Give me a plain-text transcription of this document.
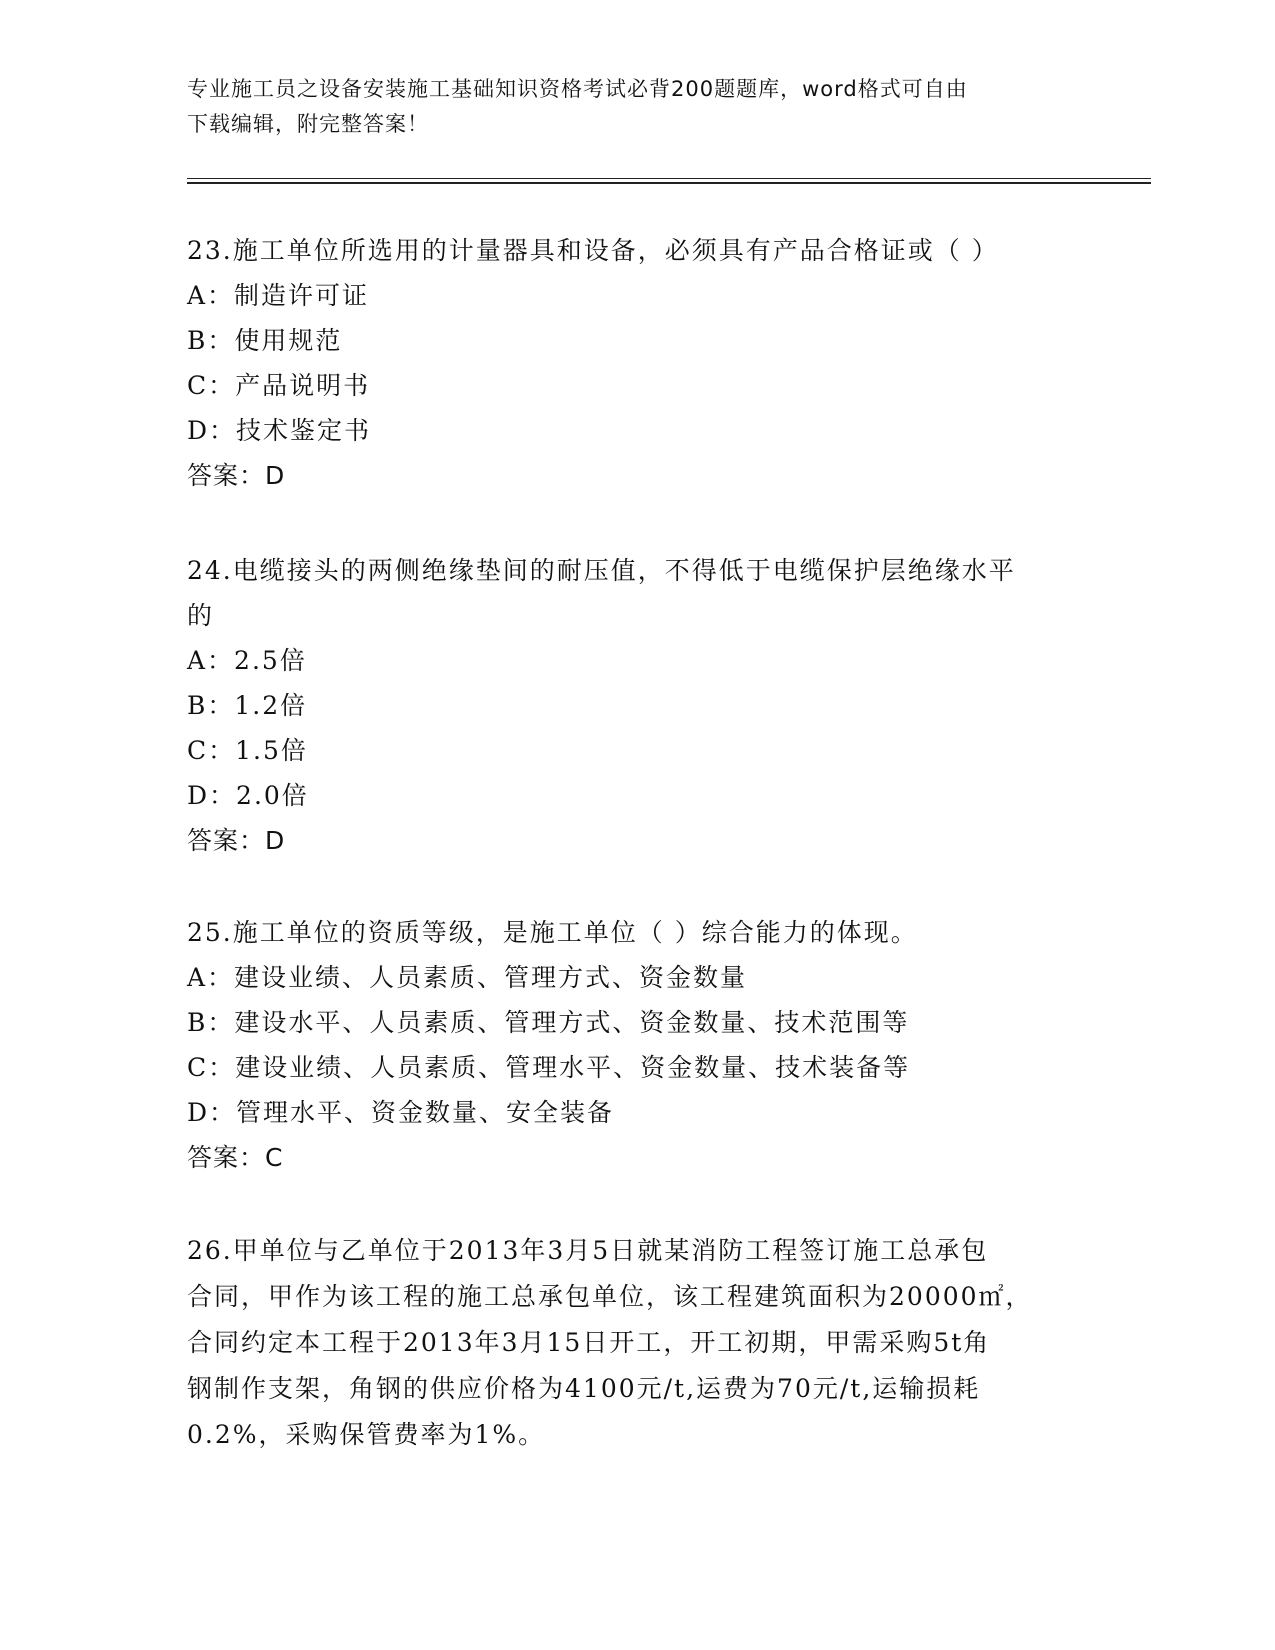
专业施工员之设备安装施工基础知识资格考试必背200题题库，word格式可自由
下载编辑，附完整答案！
23.施工单位所选用的计量器具和设备，必须具有产品合格证或（ ）
A：制造许可证
B：使用规范
C：产品说明书
D：技术鉴定书
答案：D
24.电缆接头的两侧绝缘垫间的耐压值，不得低于电缆保护层绝缘水平
的
A：2.5倍
B：1.2倍
C：1.5倍
D：2.0倍
答案：D
25.施工单位的资质等级，是施工单位（ ）综合能力的体现。
A：建设业绩、人员素质、管理方式、资金数量
B：建设水平、人员素质、管理方式、资金数量、技术范围等
C：建设业绩、人员素质、管理水平、资金数量、技术装备等
D：管理水平、资金数量、安全装备
答案：C
26.甲单位与乙单位于2013年3月5日就某消防工程签订施工总承包
合同，甲作为该工程的施工总承包单位，该工程建筑面积为20000㎡，
合同约定本工程于2013年3月15日开工，开工初期，甲需采购5t角
钢制作支架，角钢的供应价格为4100元/t,运费为70元/t,运输损耗
0.2%，采购保管费率为1%。
